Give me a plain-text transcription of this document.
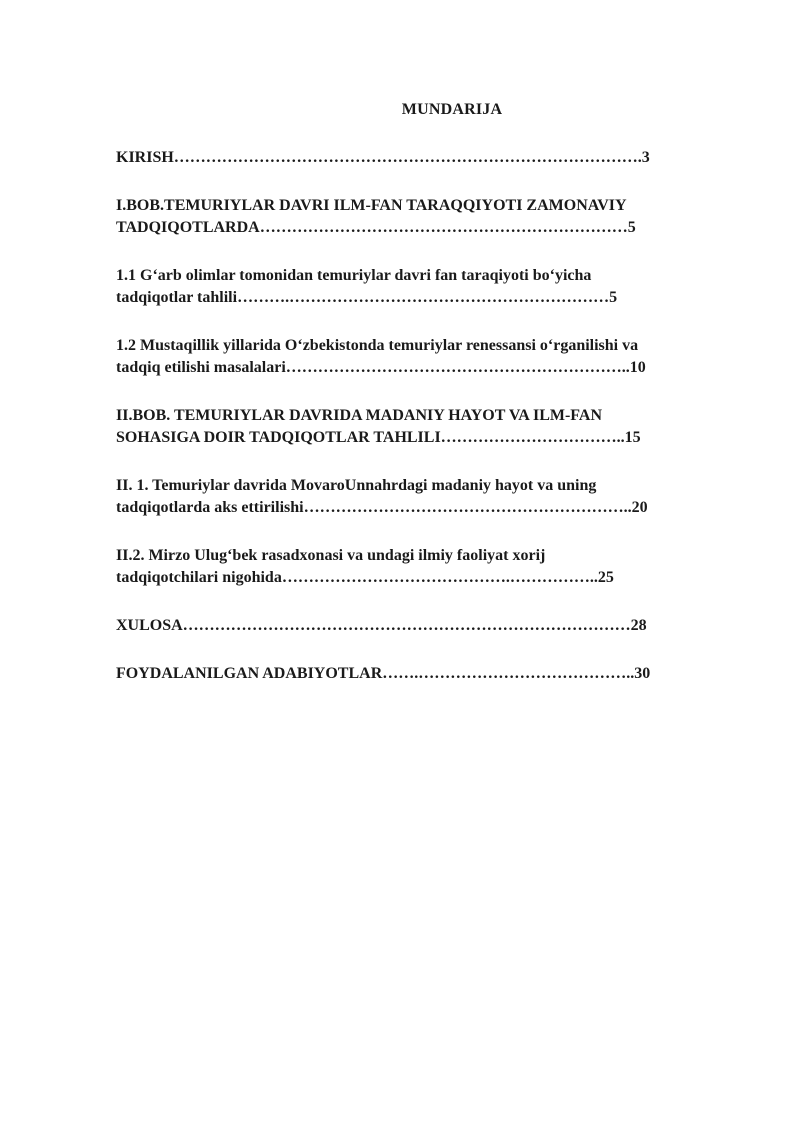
MUNDARIJA
KIRISH…………………………………………………………………………….3
I.BOB.TEMURIYLAR DAVRI ILM-FAN TARAQQIYOTI ZAMONAVIY
TADQIQOTLARDA……………………………………………………………5
1.1 G‘arb olimlar tomonidan temuriylar davri fan taraqiyoti bo‘yicha
tadqiqotlar tahlili……….……………………………………………………5
1.2 Mustaqillik yillarida O‘zbekistonda temuriylar renessansi o‘rganilishi va
tadqiq etilishi masalalari………………………………………………………..10
II.BOB. TEMURIYLAR DAVRIDA MADANIY HAYOT VA ILM-FAN
SOHASIGA DOIR TADQIQOTLAR TAHLILI……………………………..15
II. 1. Temuriylar davrida MovaroUnnahrdagi madaniy hayot va uning
tadqiqotlarda aks ettirilishi……………………………………………………..20
II.2. Mirzo Ulug‘bek rasadxonasi va undagi ilmiy faoliyat xorij
tadqiqotchilari nigohida…………………………………….……………..25
XULOSA…………………………………………………………………………28
FOYDALANILGAN ADABIYOTLAR…….…………………………………..30
